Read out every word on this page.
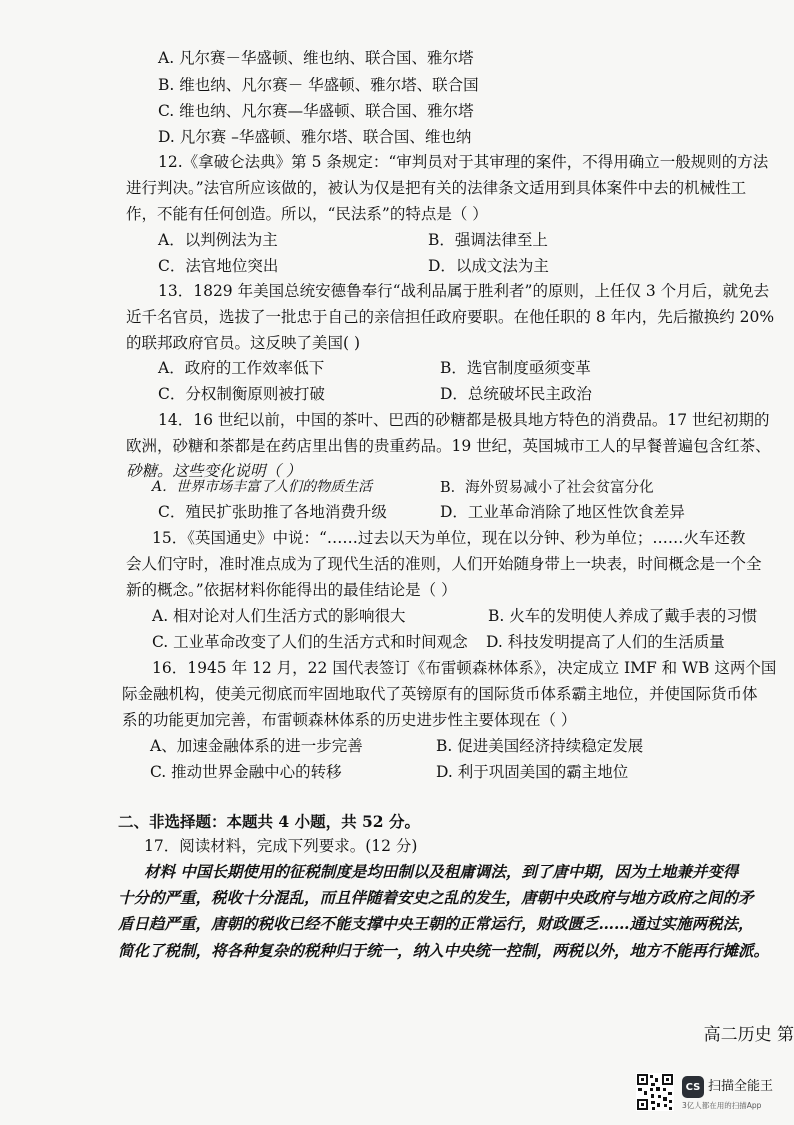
A. 凡尔赛－华盛顿、维也纳、联合国、雅尔塔
B. 维也纳、凡尔赛－ 华盛顿、雅尔塔、联合国
C. 维也纳、凡尔赛—华盛顿、联合国、雅尔塔
D. 凡尔赛 –华盛顿、雅尔塔、联合国、维也纳
12.《拿破仑法典》第 5 条规定：“审判员对于其审理的案件，不得用确立一般规则的方法
进行判决。”法官所应该做的，被认为仅是把有关的法律条文适用到具体案件中去的机械性工
作，不能有任何创造。所以，“民法系”的特点是（ ）
A．以判例法为主	B．强调法律至上
C．法官地位突出	D．以成文法为主
13．1829 年美国总统安德鲁奉行“战利品属于胜利者”的原则，上任仅 3 个月后，就免去
近千名官员，选拔了一批忠于自己的亲信担任政府要职。在他任职的 8 年内，先后撤换约 20%
的联邦政府官员。这反映了美国( )
A．政府的工作效率低下	B．选官制度亟须变革
C．分权制衡原则被打破	D．总统破坏民主政治
14．16 世纪以前，中国的茶叶、巴西的砂糖都是极具地方特色的消费品。17 世纪初期的
欧洲，砂糖和茶都是在药店里出售的贵重药品。19 世纪，英国城市工人的早餐普遍包含红茶、
砂糖。这些变化说明（ ）
A．世界市场丰富了人们的物质生活	B．海外贸易减小了社会贫富分化
C．殖民扩张助推了各地消费升级	D．工业革命消除了地区性饮食差异
15．《英国通史》中说：“……过去以天为单位，现在以分钟、秒为单位；……火车还教
会人们守时，准时准点成为了现代生活的准则，人们开始随身带上一块表，时间概念是一个全
新的概念。”依据材料你能得出的最佳结论是（ ）
A. 相对论对人们生活方式的影响很大	B. 火车的发明使人养成了戴手表的习惯
C. 工业革命改变了人们的生活方式和时间观念 D. 科技发明提高了人们的生活质量
16．1945 年 12 月，22 国代表签订《布雷顿森林体系》，决定成立 IMF 和 WB 这两个国
际金融机构，使美元彻底而牢固地取代了英镑原有的国际货币体系霸主地位，并使国际货币体
系的功能更加完善，布雷顿森林体系的历史进步性主要体现在（ ）
A、加速金融体系的进一步完善	B. 促进美国经济持续稳定发展
C. 推动世界金融中心的转移	D. 利于巩固美国的霸主地位
二、非选择题：本题共 4 小题，共 52 分。
17．阅读材料，完成下列要求。(12 分)
材料 中国长期使用的征税制度是均田制以及租庸调法，到了唐中期，因为土地兼并变得
十分的严重，税收十分混乱，而且伴随着安史之乱的发生，唐朝中央政府与地方政府之间的矛
盾日趋严重，唐朝的税收已经不能支撑中央王朝的正常运行，财政匮乏……通过实施两税法，
简化了税制，将各种复杂的税种归于统一，纳入中央统一控制，两税以外，地方不能再行摊派。
高二历史 第
CS 扫描全能王
3亿人都在用的扫描App
